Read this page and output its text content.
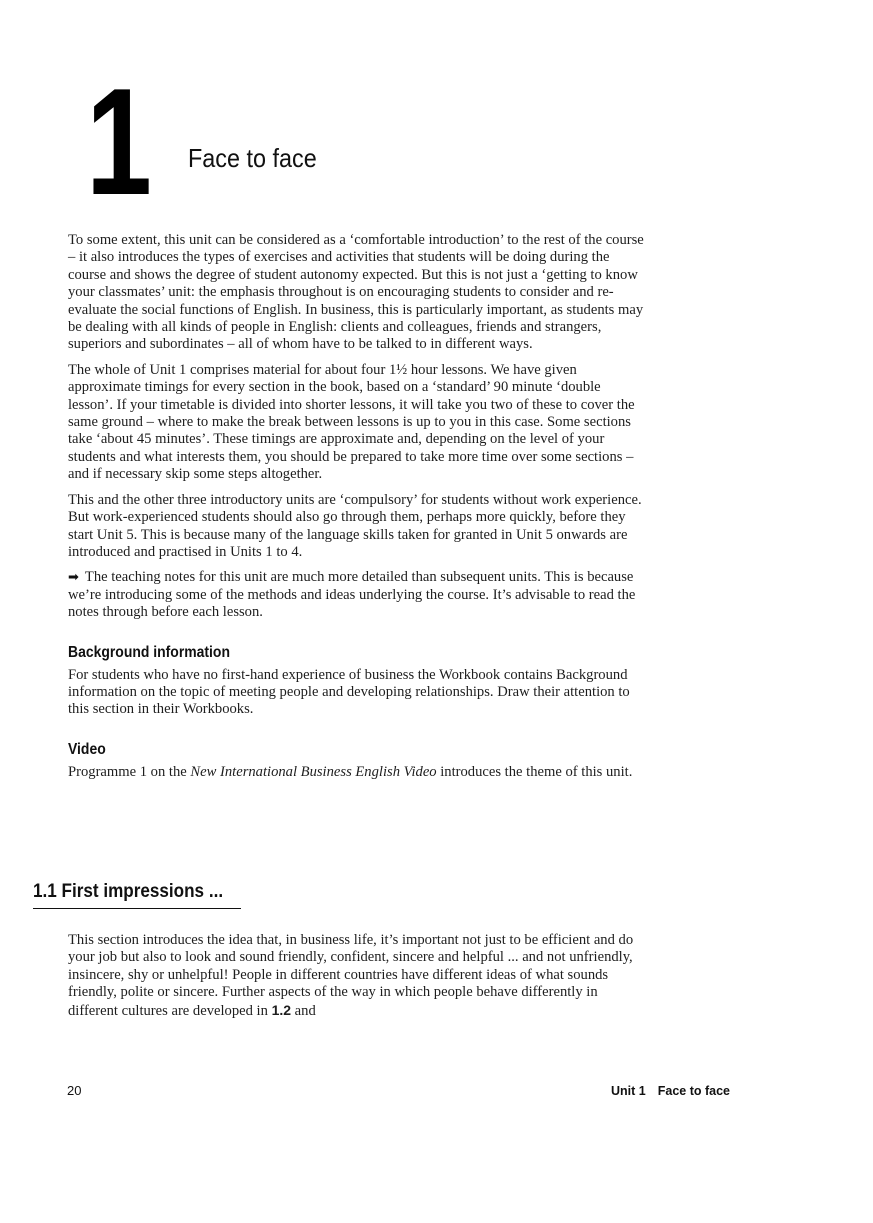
1 Face to face

To some extent, this unit can be considered as a ‘comfortable introduction’ to the rest of the course – it also introduces the types of exercises and activities that students will be doing during the course and shows the degree of student autonomy expected. But this is not just a ‘getting to know your classmates’ unit: the emphasis throughout is on encouraging students to consider and re-evaluate the social functions of English. In business, this is particularly important, as students may be dealing with all kinds of people in English: clients and colleagues, friends and strangers, superiors and subordinates – all of whom have to be talked to in different ways.

The whole of Unit 1 comprises material for about four 1½ hour lessons. We have given approximate timings for every section in the book, based on a ‘standard’ 90 minute ‘double lesson’. If your timetable is divided into shorter lessons, it will take you two of these to cover the same ground – where to make the break between lessons is up to you in this case. Some sections take ‘about 45 minutes’. These timings are approximate and, depending on the level of your students and what interests them, you should be prepared to take more time over some sections – and if necessary skip some steps altogether.

This and the other three introductory units are ‘compulsory’ for students without work experience. But work-experienced students should also go through them, perhaps more quickly, before they start Unit 5. This is because many of the language skills taken for granted in Unit 5 onwards are introduced and practised in Units 1 to 4.

➡ The teaching notes for this unit are much more detailed than subsequent units. This is because we’re introducing some of the methods and ideas underlying the course. It’s advisable to read the notes through before each lesson.

Background information

For students who have no first-hand experience of business the Workbook contains Background information on the topic of meeting people and developing relationships. Draw their attention to this section in their Workbooks.

Video

Programme 1 on the New International Business English Video introduces the theme of this unit.

1.1 First impressions ...

This section introduces the idea that, in business life, it’s important not just to be efficient and do your job but also to look and sound friendly, confident, sincere and helpful ... and not unfriendly, insincere, shy or unhelpful! People in different countries have different ideas of what sounds friendly, polite or sincere. Further aspects of the way in which people behave differently in different cultures are developed in 1.2 and

20	Unit 1 Face to face
